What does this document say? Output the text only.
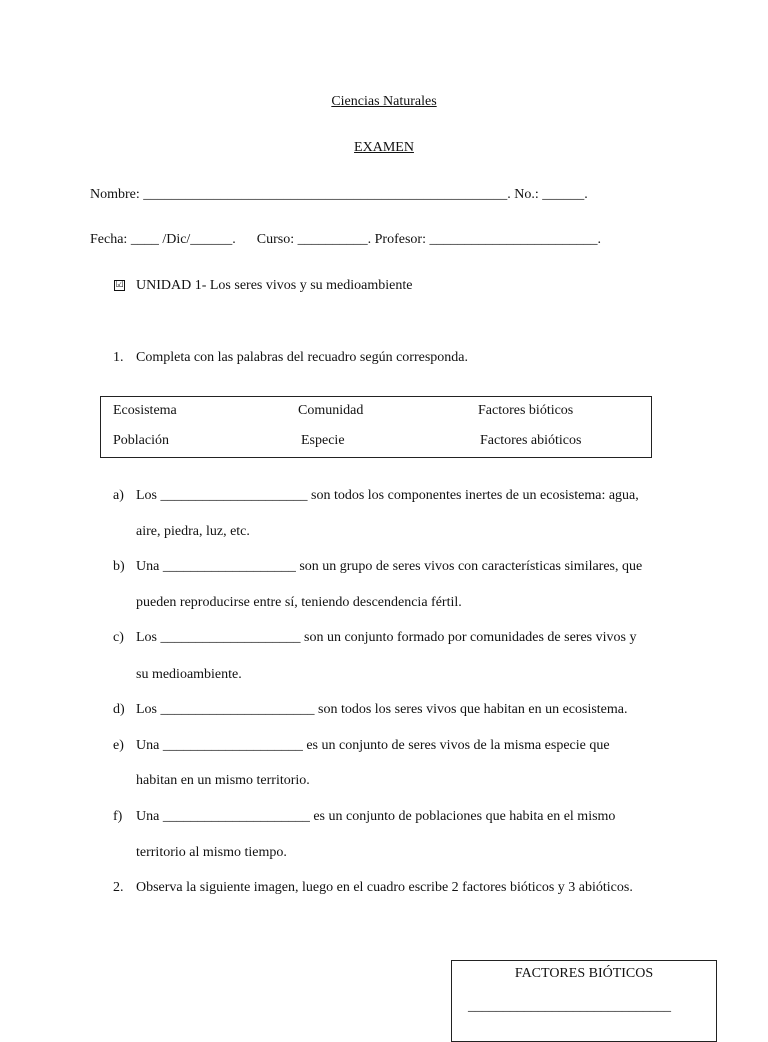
Ciencias Naturales
EXAMEN
Nombre: ____________________________________________________. No.: ______.
Fecha: ____ /Dic/______.      Curso: __________. Profesor: ________________________.
☑ UNIDAD 1- Los seres vivos y su medioambiente
1. Completa con las palabras del recuadro según corresponda.
Ecosistema	Comunidad	Factores bióticos
Población	Especie	Factores abióticos
a) Los _____________________ son todos los componentes inertes de un ecosistema: agua,
aire, piedra, luz, etc.
b) Una ___________________ son un grupo de seres vivos con características similares, que
pueden reproducirse entre sí, teniendo descendencia fértil.
c) Los ____________________ son un conjunto formado por comunidades de seres vivos y
su medioambiente.
d) Los ______________________ son todos los seres vivos que habitan en un ecosistema.
e) Una ____________________ es un conjunto de seres vivos de la misma especie que
habitan en un mismo territorio.
f) Una _____________________ es un conjunto de poblaciones que habita en el mismo
territorio al mismo tiempo.
2. Observa la siguiente imagen, luego en el cuadro escribe 2 factores bióticos y 3 abióticos.
FACTORES BIÓTICOS
_____________________________
